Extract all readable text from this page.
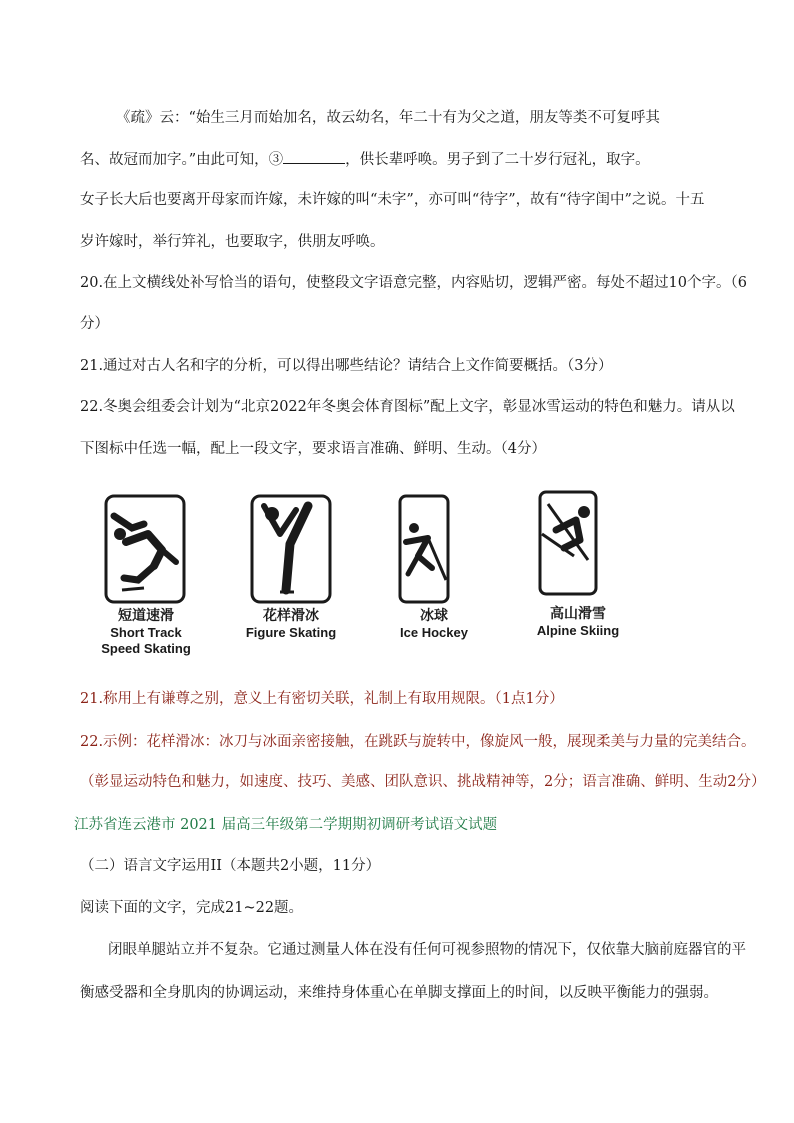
《疏》云：“始生三月而始加名，故云幼名，年二十有为父之道，朋友等类不可复呼其
名、故冠而加字。”由此可知，③	，供长辈呼唤。男子到了二十岁行冠礼，取字。
女子长大后也要离开母家而许嫁，未许嫁的叫“未字”，亦可叫“待字”，故有“待字闺中”之说。十五
岁许嫁时，举行笄礼，也要取字，供朋友呼唤。
20.在上文横线处补写恰当的语句，使整段文字语意完整，内容贴切，逻辑严密。每处不超过10个字。（6
分）
21.通过对古人名和字的分析，可以得出哪些结论？请结合上文作简要概括。（3分）
22.冬奥会组委会计划为“北京2022年冬奥会体育图标”配上文字，彰显冰雪运动的特色和魅力。请从以
下图标中任选一幅，配上一段文字，要求语言准确、鲜明、生动。（4分）
短道速滑
Short Track
Speed Skating
花样滑冰
Figure Skating
冰球
Ice Hockey
高山滑雪
Alpine Skiing
21.称用上有谦尊之别，意义上有密切关联，礼制上有取用规限。（1点1分）
22.示例：花样滑冰：冰刀与冰面亲密接触，在跳跃与旋转中，像旋风一般，展现柔美与力量的完美结合。
（彰显运动特色和魅力，如速度、技巧、美感、团队意识、挑战精神等，2分；语言准确、鲜明、生动2分）
江苏省连云港市 2021 届高三年级第二学期期初调研考试语文试题
（二）语言文字运用II（本题共2小题，11分）
阅读下面的文字，完成21~22题。
闭眼单腿站立并不复杂。它通过测量人体在没有任何可视参照物的情况下，仅依靠大脑前庭器官的平
衡感受器和全身肌肉的协调运动，来维持身体重心在单脚支撑面上的时间，以反映平衡能力的强弱。
